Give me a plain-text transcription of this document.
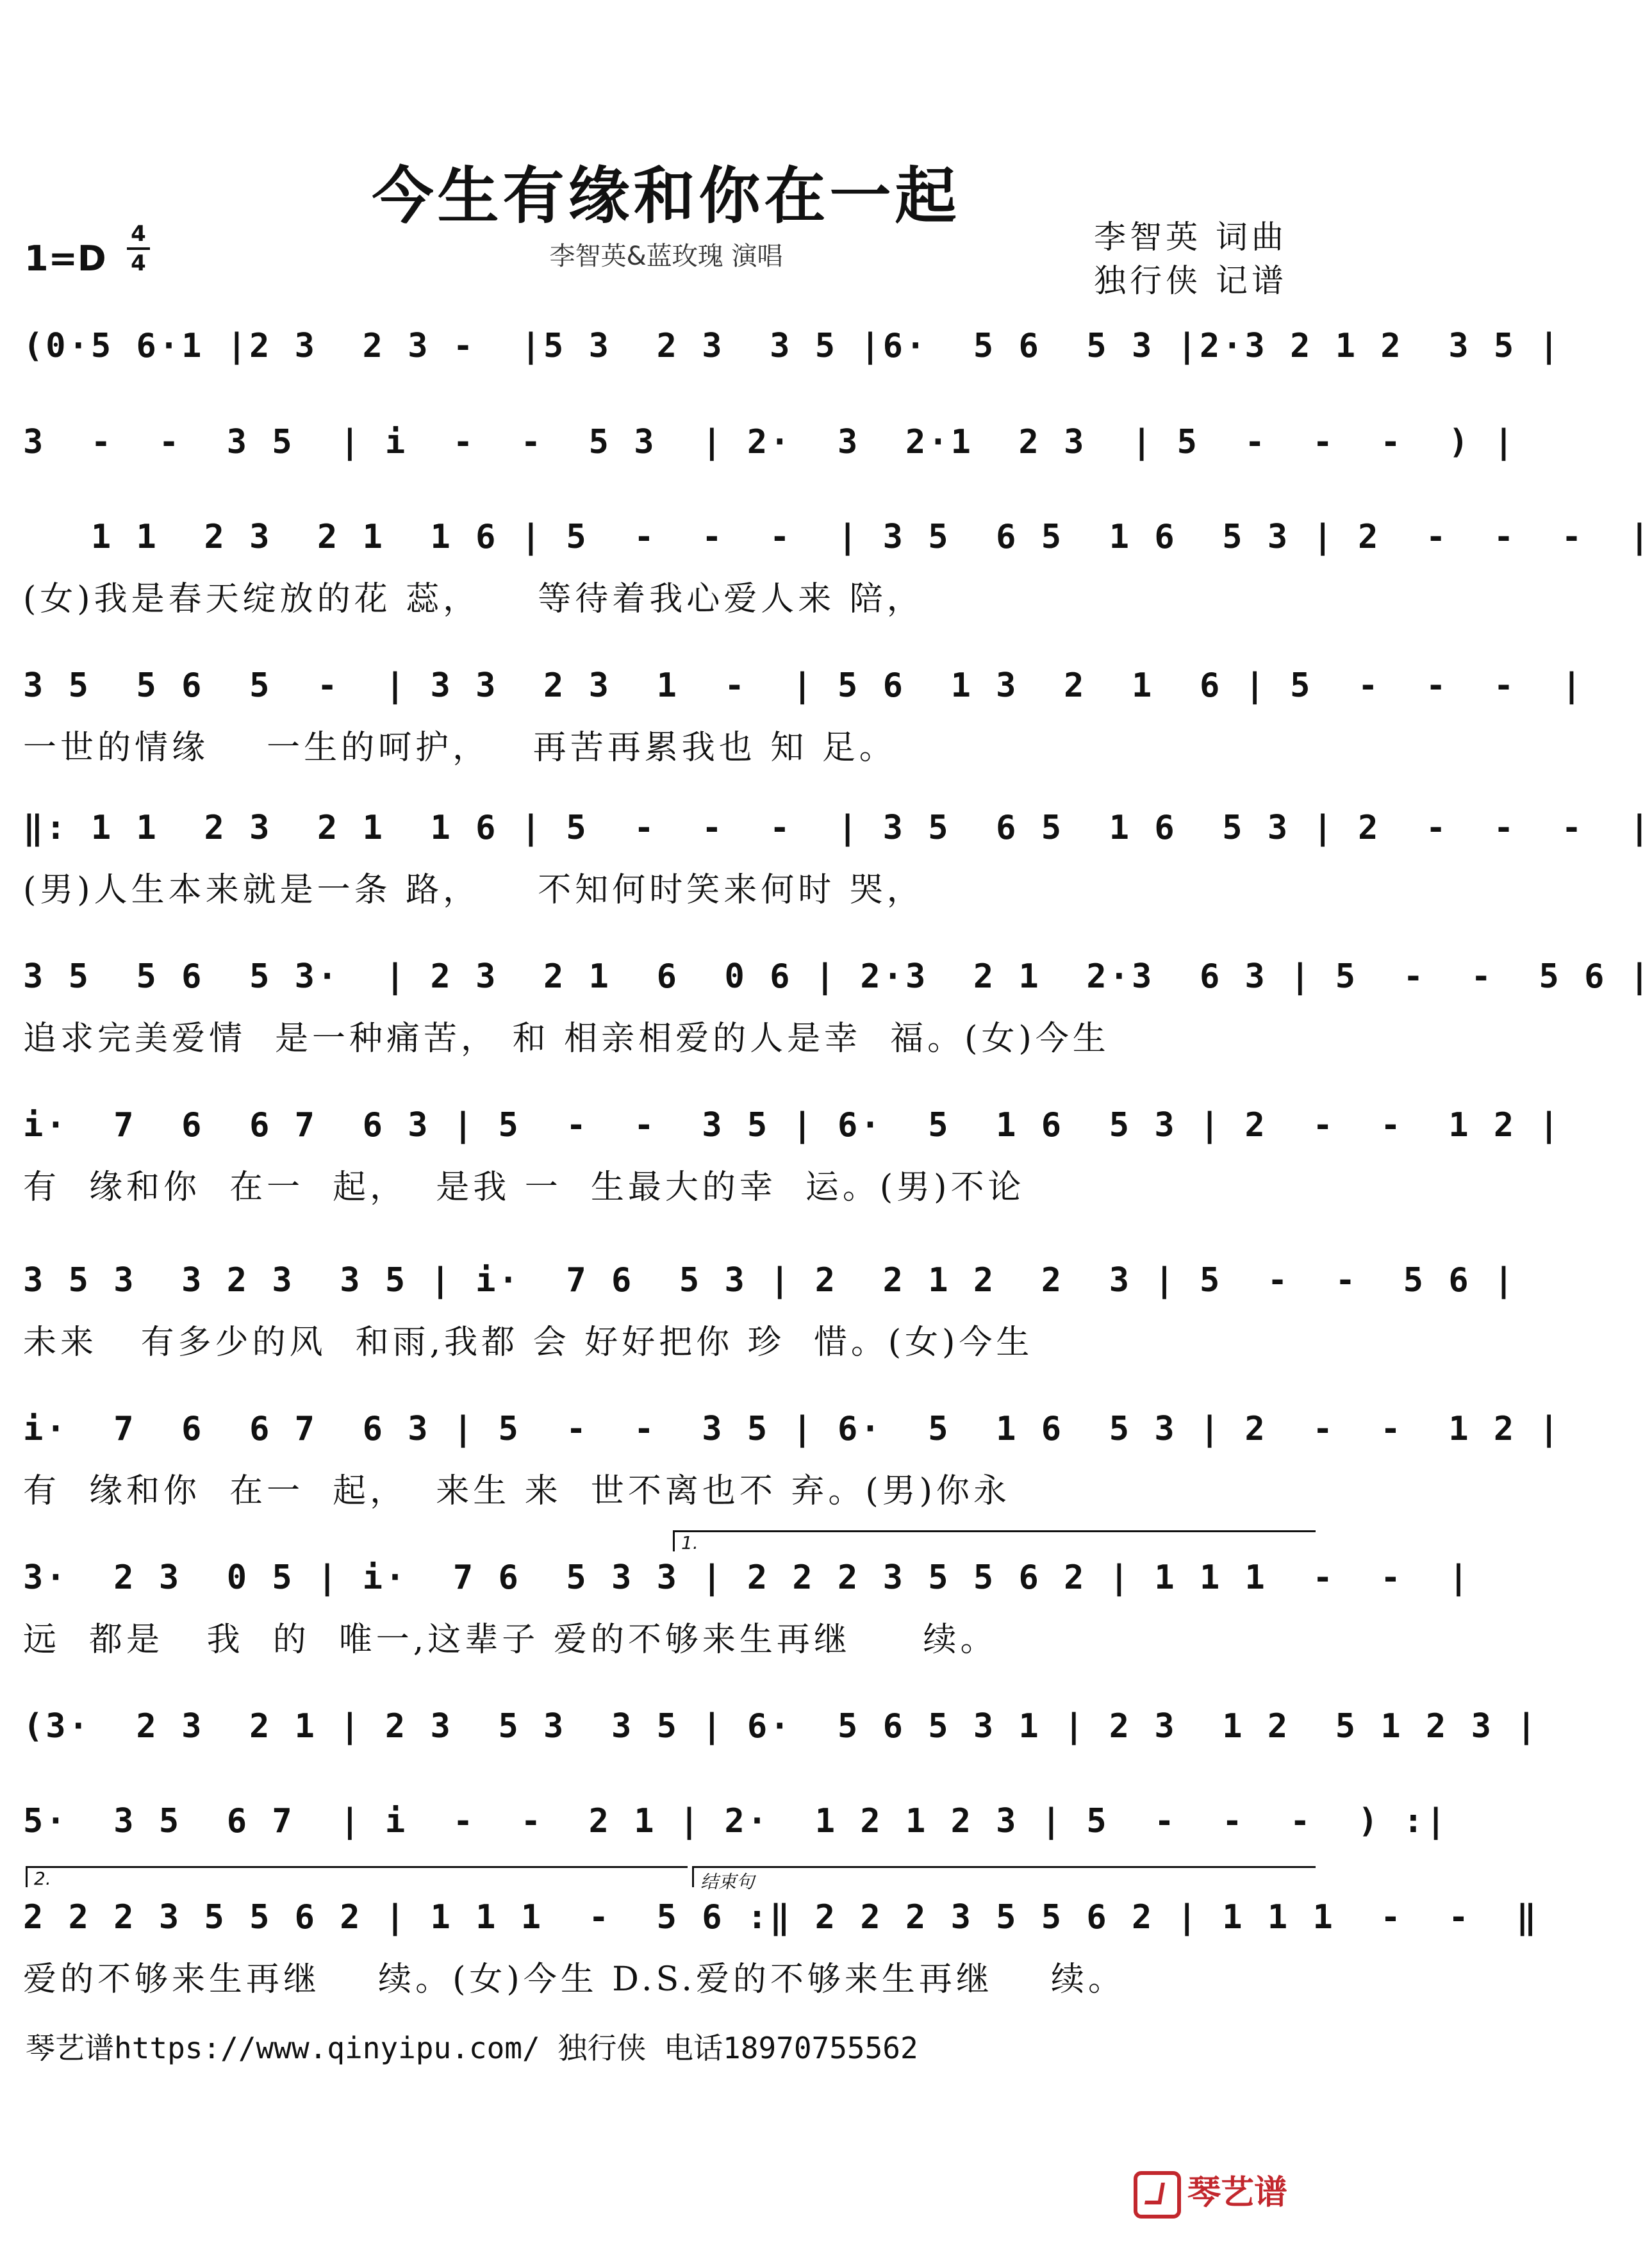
今生有缘和你在一起
李智英&蓝玫瑰 演唱
1=D
4
4
李智英 词曲
独行侠 记谱
(0·5 6·1 |2 3  2 3 -  |5 3  2 3  3 5 |6·  5 6  5 3 |2·3 2 1 2  3 5 |
3  -  -  3 5  | i  -  -  5 3  | 2·  3  2·1  2 3  | 5  -  -  -  ) |
1 1  2 3  2 1  1 6 | 5  -  -  -  | 3 5  6 5  1 6  5 3 | 2  -  -  -  |
(女)我是春天绽放的花 蕊，    等待着我心爱人来 陪，
3 5  5 6  5  -  | 3 3  2 3  1  -  | 5 6  1 3  2  1  6 | 5  -  -  -  |
一世的情缘    一生的呵护，   再苦再累我也 知 足。
‖: 1 1  2 3  2 1  1 6 | 5  -  -  -  | 3 5  6 5  1 6  5 3 | 2  -  -  -  |
(男)人生本来就是一条 路，    不知何时笑来何时 哭，
3 5  5 6  5 3·  | 2 3  2 1  6  0 6 | 2·3  2 1  2·3  6 3 | 5  -  -  5 6 |
追求完美爱情  是一种痛苦， 和 相亲相爱的人是幸  福。(女)今生
i·  7  6  6 7  6 3 | 5  -  -  3 5 | 6·  5  1 6  5 3 | 2  -  -  1 2 |
有  缘和你  在一  起，  是我 一  生最大的幸  运。(男)不论
3 5 3  3 2 3  3 5 | i·  7 6  5 3 | 2  2 1 2  2  3 | 5  -  -  5 6 |
未来   有多少的风  和雨,我都 会 好好把你 珍  惜。(女)今生
i·  7  6  6 7  6 3 | 5  -  -  3 5 | 6·  5  1 6  5 3 | 2  -  -  1 2 |
有  缘和你  在一  起，  来生 来  世不离也不 弃。(男)你永
1.
3·  2 3  0 5 | i·  7 6  5 3 3 | 2 2 2 3 5 5 6 2 | 1 1 1  -  -  |
远  都是   我  的  唯一,这辈子 爱的不够来生再继     续。
(3·  2 3  2 1 | 2 3  5 3  3 5 | 6·  5 6 5 3 1 | 2 3  1 2  5 1 2 3 |
5·  3 5  6 7  | i  -  -  2 1 | 2·  1 2 1 2 3 | 5  -  -  -  ) :|
2.	结束句
2 2 2 3 5 5 6 2 | 1 1 1  -  5 6 :‖ 2 2 2 3 5 5 6 2 | 1 1 1  -  -  ‖
爱的不够来生再继    续。(女)今生 D.S.爱的不够来生再继    续。
琴艺谱https://www.qinyipu.com/ 独行侠 电话18970755562
琴艺谱
